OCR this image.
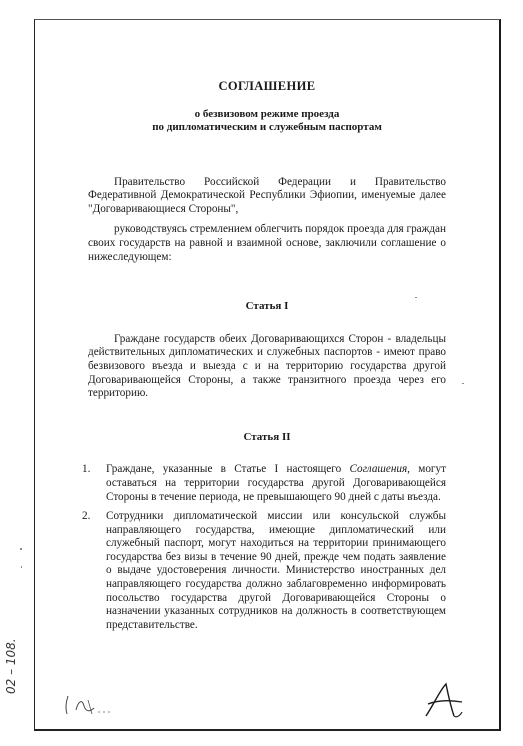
СОГЛАШЕНИЕ
о безвизовом режиме проезда
по дипломатическим и служебным паспортам

Правительство Российской Федерации и Правительство Федеративной Демократической Республики Эфиопии, именуемые далее "Договаривающиеся Стороны",

руководствуясь стремлением облегчить порядок проезда для граждан своих государств на равной и взаимной основе, заключили соглашение о нижеследующем:

Статья I

Граждане государств обеих Договаривающихся Сторон - владельцы действительных дипломатических и служебных паспортов - имеют право безвизового въезда и выезда с и на территорию государства другой Договаривающейся Стороны, а также транзитного проезда через его территорию.

Статья II
1. Граждане, указанные в Статье I настоящего Соглашения, могут оставаться на территории государства другой Договаривающейся Стороны в течение периода, не превышающего 90 дней с даты въезда.
2. Сотрудники дипломатической миссии или консульской службы направляющего государства, имеющие дипломатический или служебный паспорт, могут находиться на территории принимающего государства без визы в течение 90 дней, прежде чем подать заявление о выдаче удостоверения личности. Министерство иностранных дел направляющего государства должно заблаговременно информировать посольство государства другой Договаривающейся Стороны о назначении указанных сотрудников на должность в соответствующем представительстве.
02 – 108.
